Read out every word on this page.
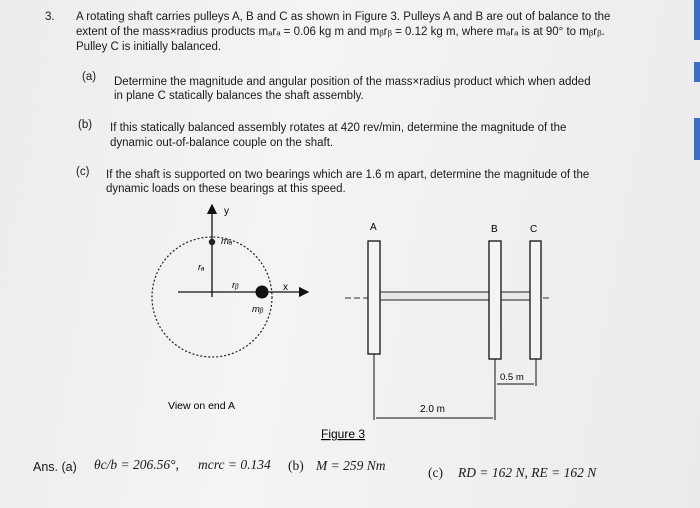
3. A rotating shaft carries pulleys A, B and C as shown in Figure 3. Pulleys A and B are out of balance to the
extent of the mass×radius products mₐrₐ = 0.06 kg m and mᵦrᵦ = 0.12 kg m, where mₐrₐ is at 90° to mᵦrᵦ.
Pulley C is initially balanced.
(a) Determine the magnitude and angular position of the mass×radius product which when added
in plane C statically balances the shaft assembly.
(b) If this statically balanced assembly rotates at 420 rev/min, determine the magnitude of the
dynamic out-of-balance couple on the shaft.
(c) If the shaft is supported on two bearings which are 1.6 m apart, determine the magnitude of the
dynamic loads on these bearings at this speed.
y
x
mₐ
rₐ
rᵦ
mᵦ
View on end A
A	B	C
0.5 m
2.0 m
Figure 3
Ans. (a) θc/b = 206.56°, mcrc = 0.134 (b) M = 259 Nm	(c) RD = 162 N, RE = 162 N
